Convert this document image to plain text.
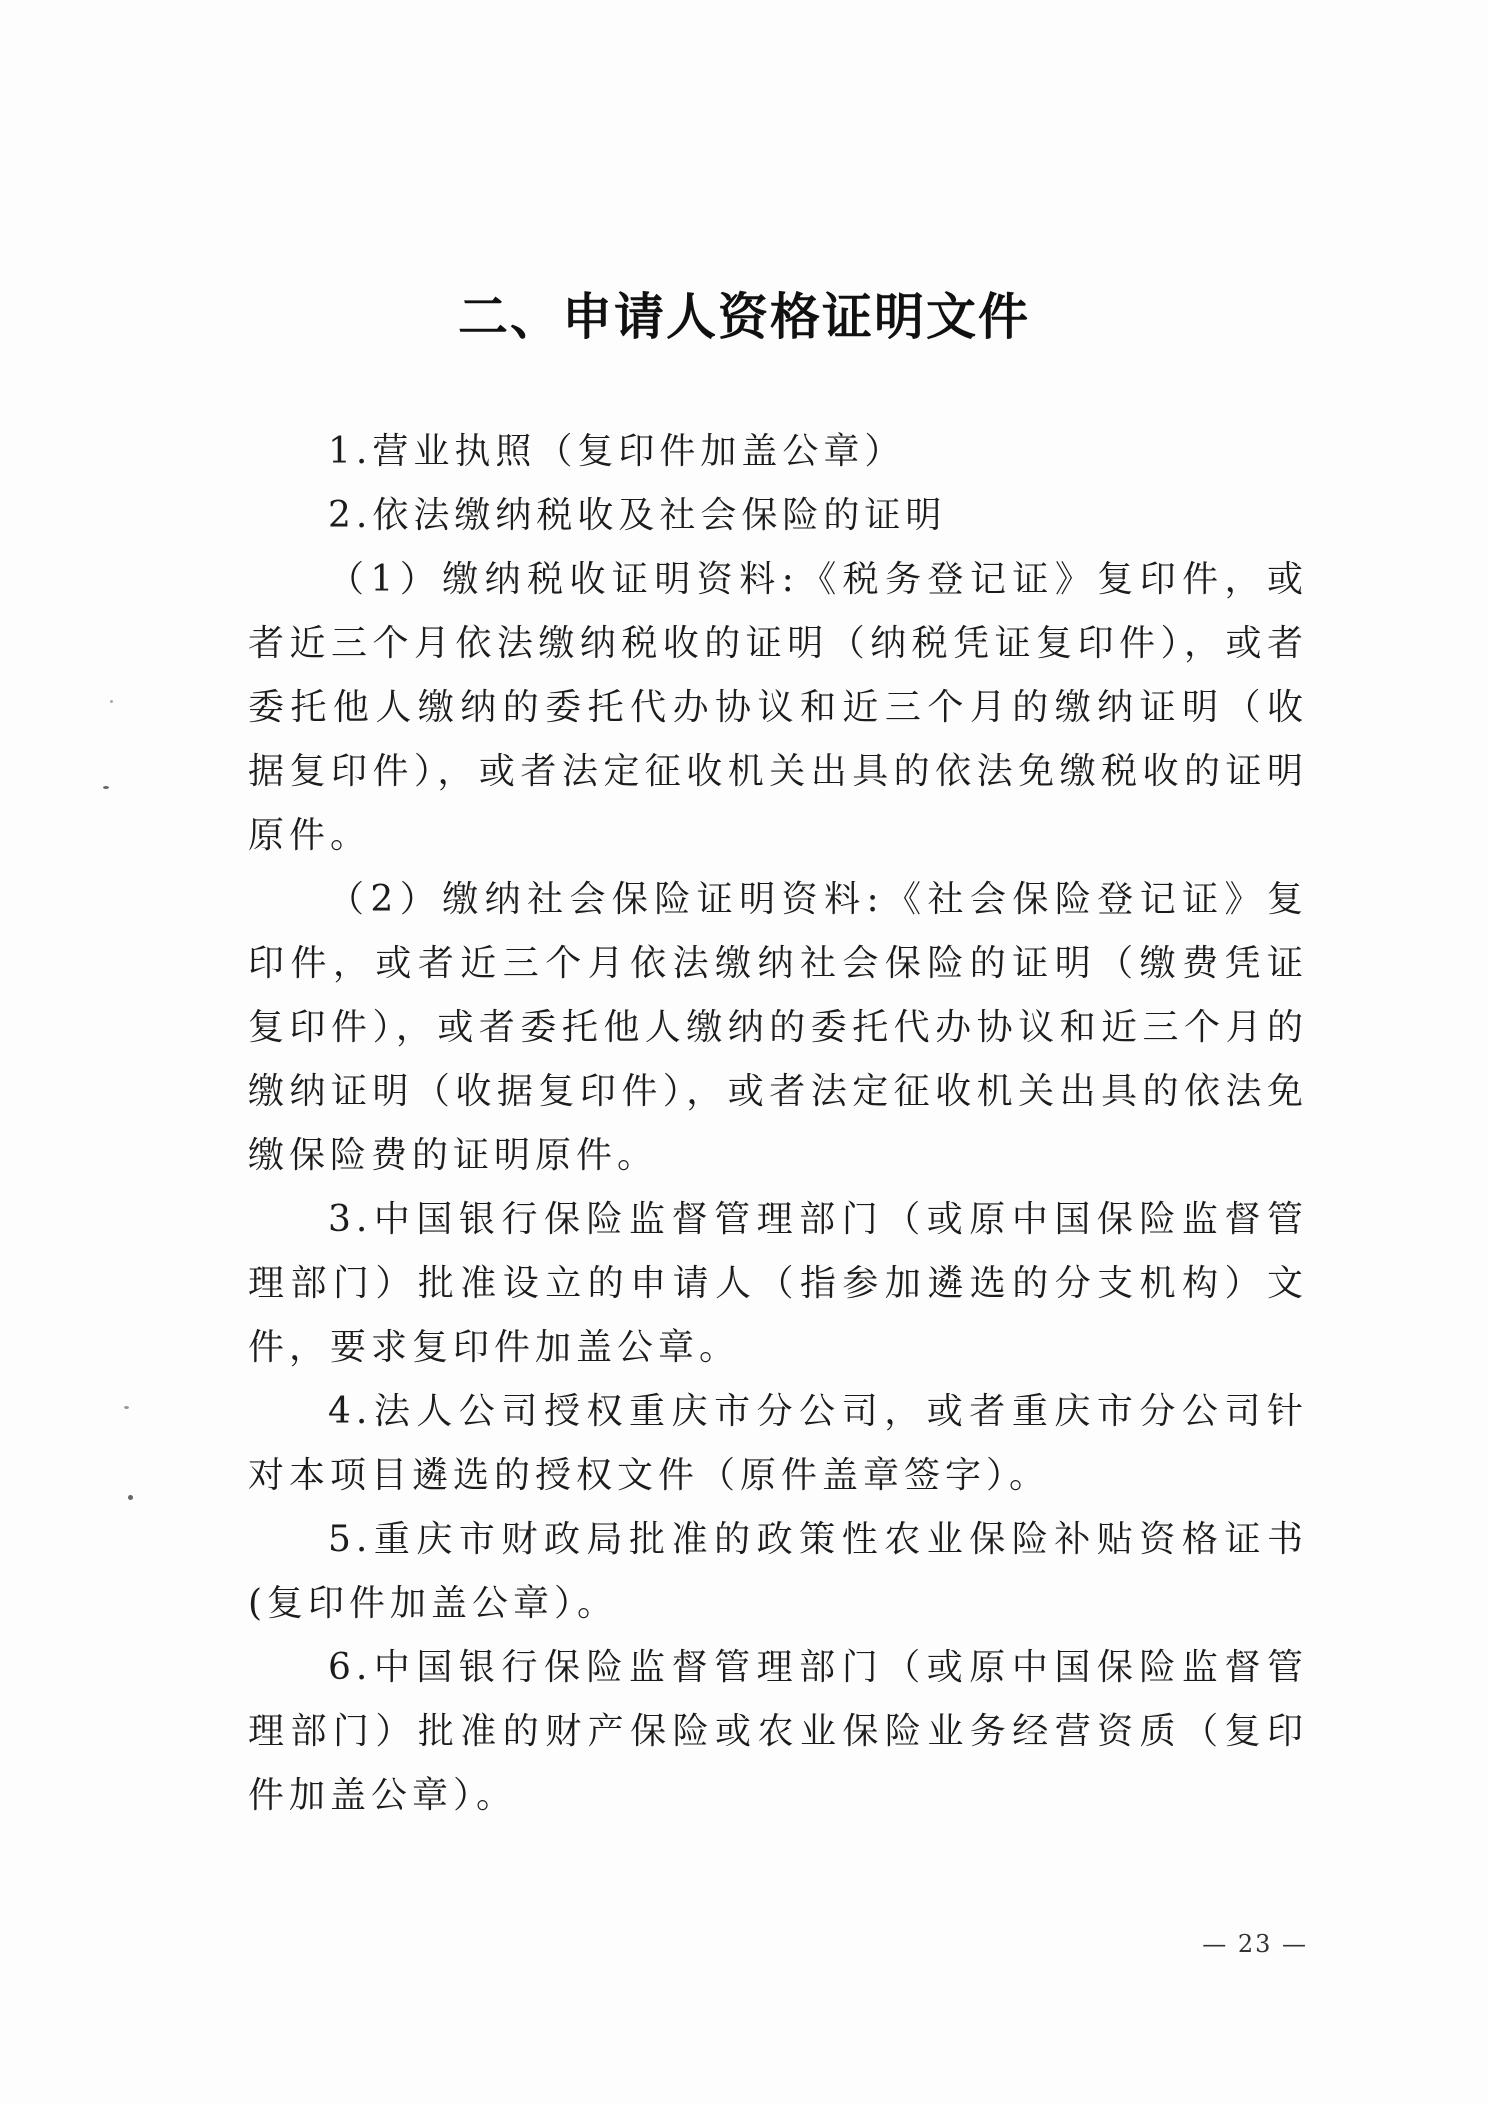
二、申请人资格证明文件

1.营业执照（复印件加盖公章）

2.依法缴纳税收及社会保险的证明

（1）缴纳税收证明资料:《税务登记证》复印件，或者近三个月依法缴纳税收的证明（纳税凭证复印件），或者委托他人缴纳的委托代办协议和近三个月的缴纳证明（收据复印件），或者法定征收机关出具的依法免缴税收的证明原件。

（2）缴纳社会保险证明资料:《社会保险登记证》复印件，或者近三个月依法缴纳社会保险的证明（缴费凭证复印件），或者委托他人缴纳的委托代办协议和近三个月的缴纳证明（收据复印件），或者法定征收机关出具的依法免缴保险费的证明原件。

3.中国银行保险监督管理部门（或原中国保险监督管理部门）批准设立的申请人（指参加遴选的分支机构）文件，要求复印件加盖公章。

4.法人公司授权重庆市分公司，或者重庆市分公司针对本项目遴选的授权文件（原件盖章签字）。

5.重庆市财政局批准的政策性农业保险补贴资格证书(复印件加盖公章）。

6.中国银行保险监督管理部门（或原中国保险监督管理部门）批准的财产保险或农业保险业务经营资质（复印件加盖公章）。

— 23 —
